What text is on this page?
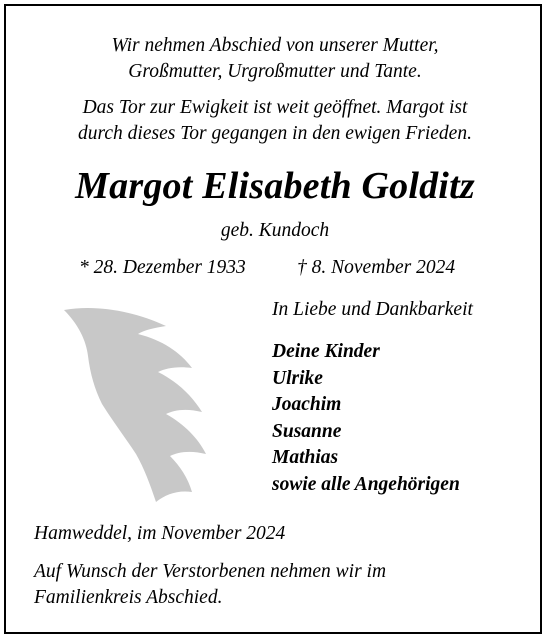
Wir nehmen Abschied von unserer Mutter,
Großmutter, Urgroßmutter und Tante.
Das Tor zur Ewigkeit ist weit geöffnet. Margot ist
durch dieses Tor gegangen in den ewigen Frieden.
Margot Elisabeth Golditz
geb. Kundoch
* 28. Dezember 1933	† 8. November 2024
In Liebe und Dankbarkeit
Deine Kinder
Ulrike
Joachim
Susanne
Mathias
sowie alle Angehörigen
Hamweddel, im November 2024
Auf Wunsch der Verstorbenen nehmen wir im
Familienkreis Abschied.
